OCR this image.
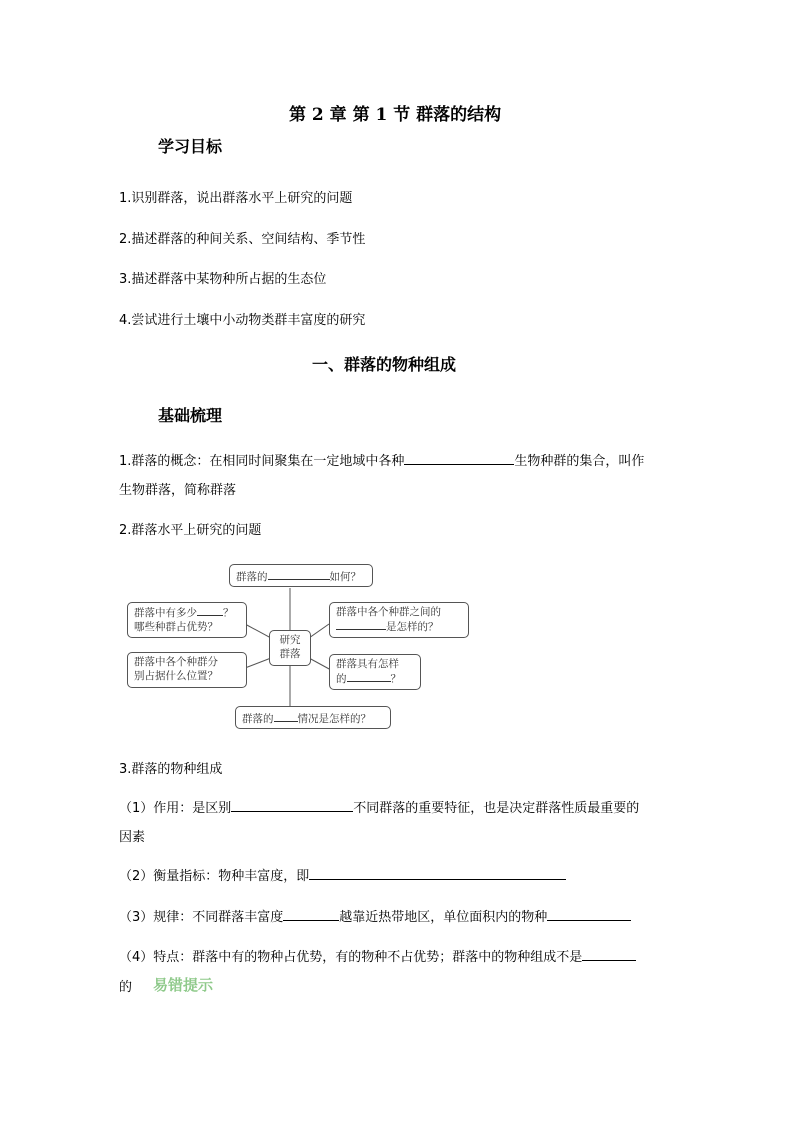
第 2 章 第 1 节 群落的结构
学习目标
1.识别群落，说出群落水平上研究的问题
2.描述群落的种间关系、空间结构、季节性
3.描述群落中某物种所占据的生态位
4.尝试进行土壤中小动物类群丰富度的研究
一、群落的物种组成
基础梳理
1.群落的概念：在相同时间聚集在一定地域中各种	生物种群的集合，叫作
生物群落，简称群落
2.群落水平上研究的问题
群落的	如何？
群落中有多少 ？
哪些种群占优势？
群落中各个种群之间的
是怎样的？
研究
群落
群落中各个种群分
别占据什么位置？
群落具有怎样
的	？
群落的 情况是怎样的？
3.群落的物种组成
（1）作用：是区别	不同群落的重要特征，也是决定群落性质最重要的
因素
（2）衡量指标：物种丰富度，即
（3）规律：不同群落丰富度	越靠近热带地区，单位面积内的物种
（4）特点：群落中有的物种占优势，有的物种不占优势；群落中的物种组成不是
的 易错提示
